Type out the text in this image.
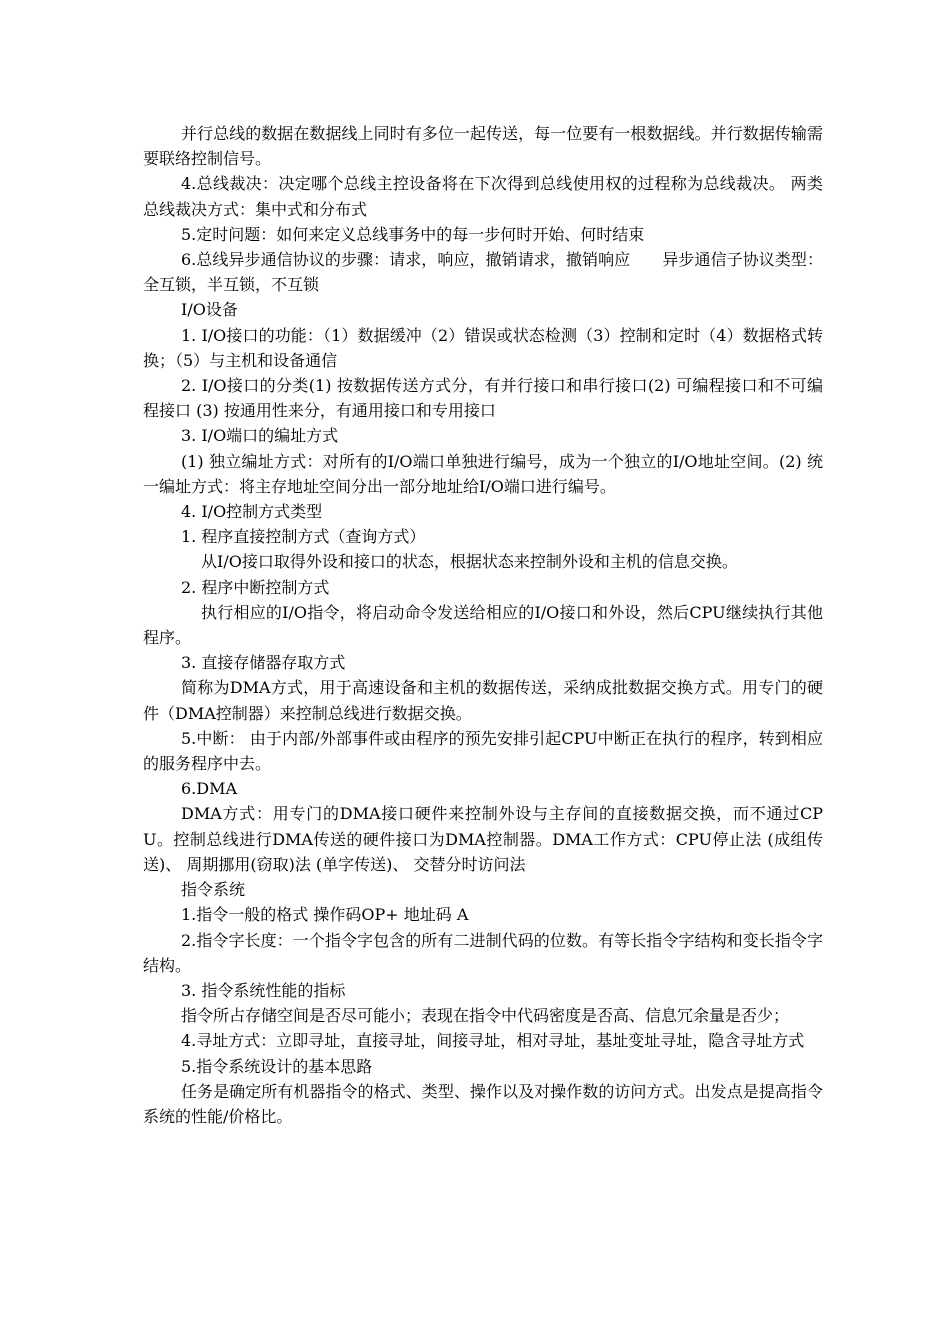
并行总线的数据在数据线上同时有多位一起传送，每一位要有一根数据线。并行数据传输需要联络控制信号。

4.总线裁决：决定哪个总线主控设备将在下次得到总线使用权的过程称为总线裁决。 两类总线裁决方式：集中式和分布式

5.定时问题：如何来定义总线事务中的每一步何时开始、何时结束

6.总线异步通信协议的步骤：请求，响应，撤销请求，撤销响应　　异步通信子协议类型：全互锁，半互锁，不互锁

I/O设备

1. I/O接口的功能：（1）数据缓冲（2）错误或状态检测（3）控制和定时（4）数据格式转换；（5）与主机和设备通信

2. I/O接口的分类(1) 按数据传送方式分，有并行接口和串行接口(2) 可编程接口和不可编程接口 (3) 按通用性来分，有通用接口和专用接口

3. I/O端口的编址方式

(1) 独立编址方式：对所有的I/O端口单独进行编号，成为一个独立的I/O地址空间。(2) 统一编址方式：将主存地址空间分出一部分地址给I/O端口进行编号。

4. I/O控制方式类型

1. 程序直接控制方式（查询方式）

从I/O接口取得外设和接口的状态，根据状态来控制外设和主机的信息交换。

2. 程序中断控制方式

执行相应的I/O指令，将启动命令发送给相应的I/O接口和外设，然后CPU继续执行其他程序。

3. 直接存储器存取方式

简称为DMA方式，用于高速设备和主机的数据传送，采纳成批数据交换方式。用专门的硬件（DMA控制器）来控制总线进行数据交换。

5.中断： 由于内部/外部事件或由程序的预先安排引起CPU中断正在执行的程序，转到相应的服务程序中去。

6.DMA

DMA方式：用专门的DMA接口硬件来控制外设与主存间的直接数据交换，而不通过CPU。控制总线进行DMA传送的硬件接口为DMA控制器。DMA工作方式：CPU停止法 (成组传送)、 周期挪用(窃取)法 (单字传送)、 交替分时访问法

指令系统

1.指令一般的格式 操作码OP+ 地址码 A

2.指令字长度：一个指令字包含的所有二进制代码的位数。有等长指令字结构和变长指令字结构。

3. 指令系统性能的指标

指令所占存储空间是否尽可能小；表现在指令中代码密度是否高、信息冗余量是否少；

4.寻址方式：立即寻址，直接寻址，间接寻址，相对寻址，基址变址寻址，隐含寻址方式

5.指令系统设计的基本思路

任务是确定所有机器指令的格式、类型、操作以及对操作数的访问方式。出发点是提高指令系统的性能/价格比。
